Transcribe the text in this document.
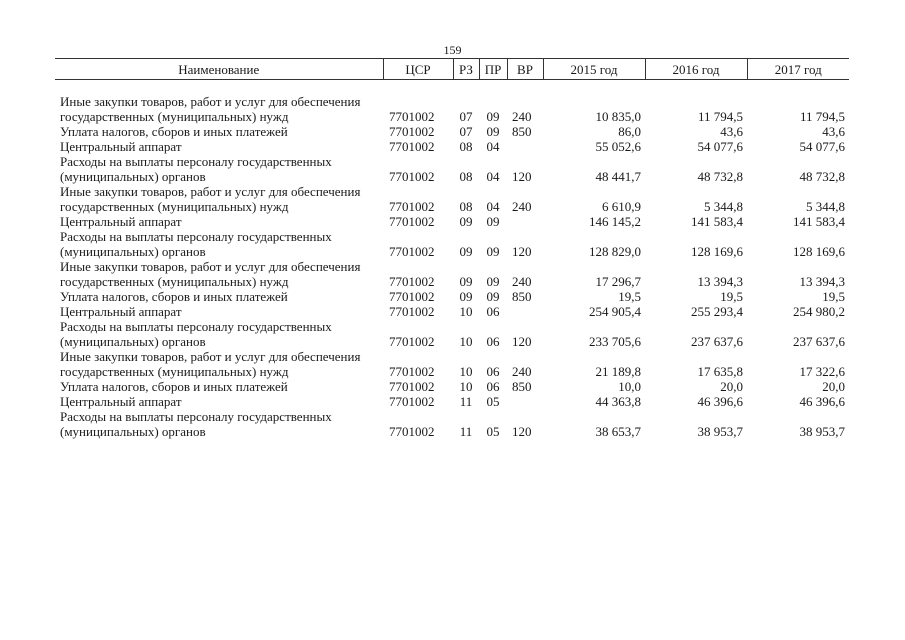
159
Наименование	ЦСР	РЗ	ПР	ВР	2015 год	2016 год	2017 год
Иные закупки товаров, работ и услуг для обеспечения государственных (муниципальных) нужд	7701002	07	09	240	10 835,0	11 794,5	11 794,5
Уплата налогов, сборов и иных платежей	7701002	07	09	850	86,0	43,6	43,6
Центральный аппарат	7701002	08	04		55 052,6	54 077,6	54 077,6
Расходы на выплаты персоналу государственных (муниципальных) органов	7701002	08	04	120	48 441,7	48 732,8	48 732,8
Иные закупки товаров, работ и услуг для обеспечения государственных (муниципальных) нужд	7701002	08	04	240	6 610,9	5 344,8	5 344,8
Центральный аппарат	7701002	09	09		146 145,2	141 583,4	141 583,4
Расходы на выплаты персоналу государственных (муниципальных) органов	7701002	09	09	120	128 829,0	128 169,6	128 169,6
Иные закупки товаров, работ и услуг для обеспечения государственных (муниципальных) нужд	7701002	09	09	240	17 296,7	13 394,3	13 394,3
Уплата налогов, сборов и иных платежей	7701002	09	09	850	19,5	19,5	19,5
Центральный аппарат	7701002	10	06		254 905,4	255 293,4	254 980,2
Расходы на выплаты персоналу государственных (муниципальных) органов	7701002	10	06	120	233 705,6	237 637,6	237 637,6
Иные закупки товаров, работ и услуг для обеспечения государственных (муниципальных) нужд	7701002	10	06	240	21 189,8	17 635,8	17 322,6
Уплата налогов, сборов и иных платежей	7701002	10	06	850	10,0	20,0	20,0
Центральный аппарат	7701002	11	05		44 363,8	46 396,6	46 396,6
Расходы на выплаты персоналу государственных (муниципальных) органов	7701002	11	05	120	38 653,7	38 953,7	38 953,7
